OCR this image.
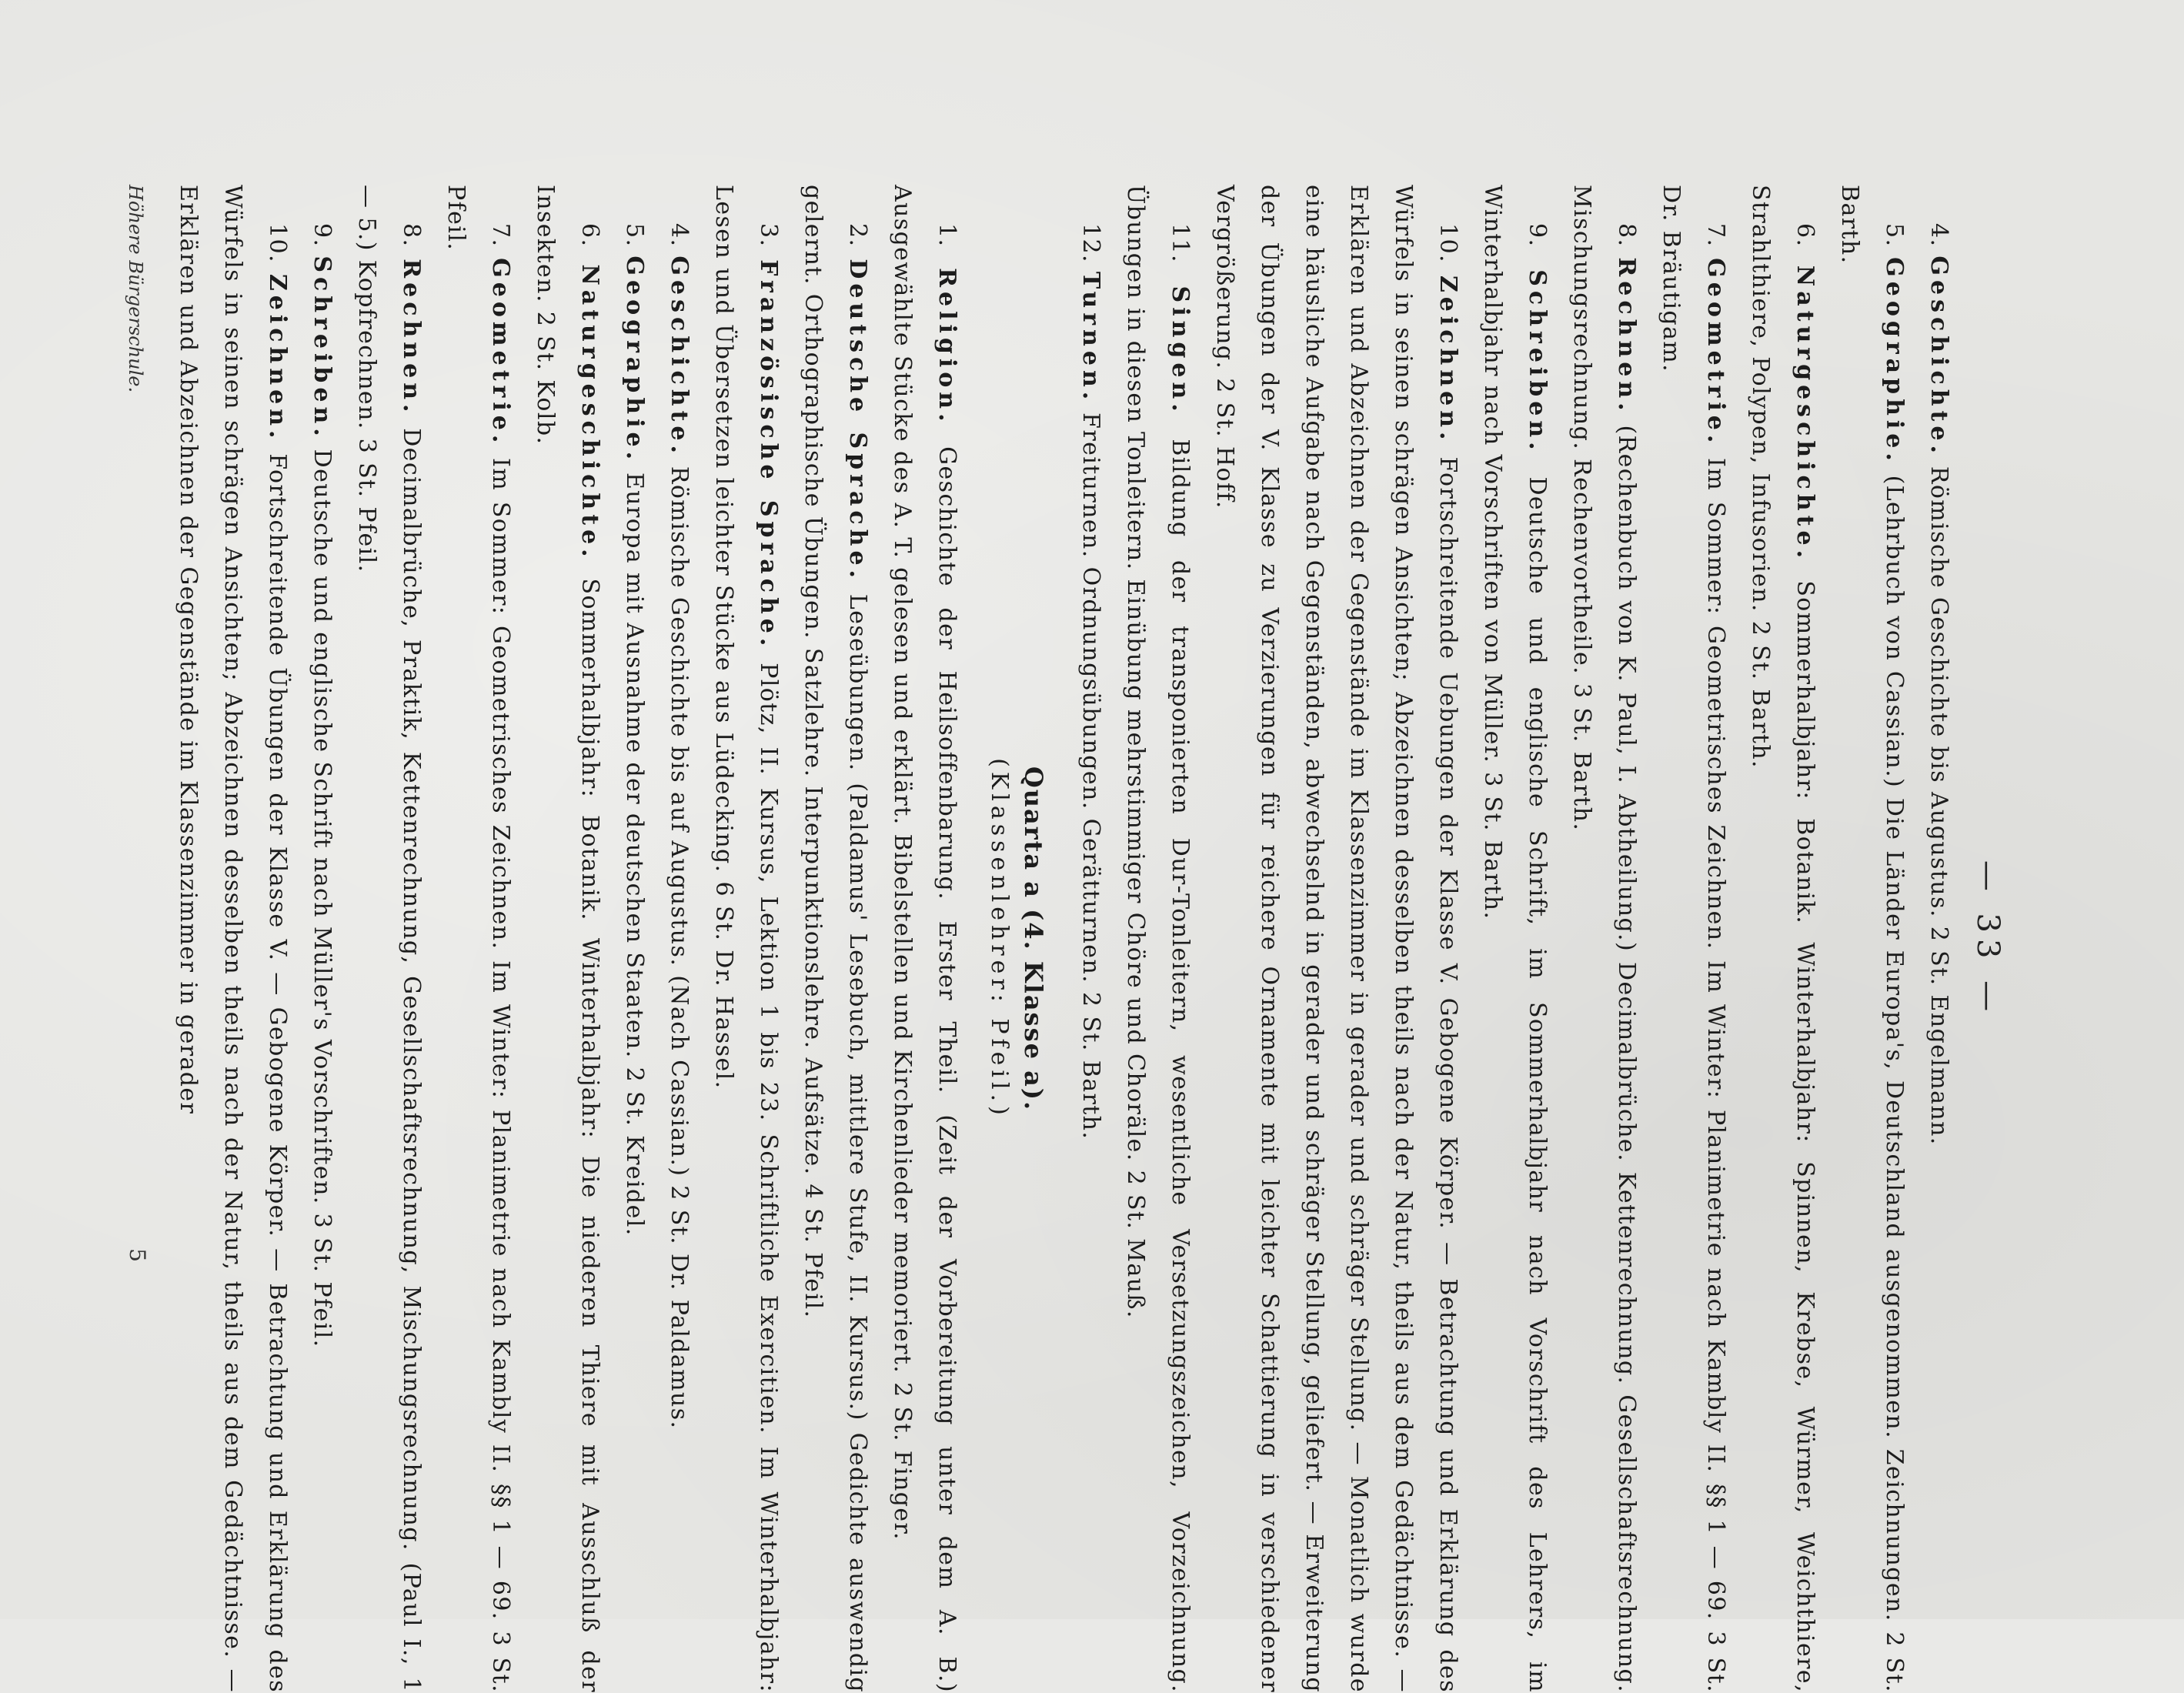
— 33 —

4. Geschichte. Römische Geschichte bis Augustus. 2 St. Engelmann.

5. Geographie. (Lehrbuch von Cassian.) Die Länder Europa's, Deutschland ausgenommen. Zeichnungen. 2 St. Barth.

6. Naturgeschichte. Sommerhalbjahr: Botanik. Winterhalbjahr: Spinnen, Krebse, Würmer, Weichthiere, Strahlthiere, Polypen, Infusorien. 2 St. Barth.

7. Geometrie. Im Sommer: Geometrisches Zeichnen. Im Winter: Planimetrie nach Kambly II. §§ 1 — 69. 3 St. Dr. Bräutigam.

8. Rechnen. (Rechenbuch von K. Paul, I. Abtheilung.) Decimalbrüche. Kettenrechnung. Gesellschaftsrechnung. Mischungsrechnung. Rechenvortheile. 3 St. Barth.

9. Schreiben. Deutsche und englische Schrift, im Sommerhalbjahr nach Vorschrift des Lehrers, im Winterhalbjahr nach Vorschriften von Müller. 3 St. Barth.

10. Zeichnen. Fortschreitende Uebungen der Klasse V. Gebogene Körper. — Betrachtung und Erklärung des Würfels in seinen schrägen Ansichten; Abzeichnen desselben theils nach der Natur, theils aus dem Gedächtnisse. — Erklären und Abzeichnen der Gegenstände im Klassenzimmer in gerader und schräger Stellung. — Monatlich wurde eine häusliche Aufgabe nach Gegenständen, abwechselnd in gerader und schräger Stellung, geliefert. — Erweiterung der Übungen der V. Klasse zu Verzierungen für reichere Ornamente mit leichter Schattierung in verschiedener Vergrößerung. 2 St. Hoff.

11. Singen. Bildung der transponierten Dur-Tonleitern, wesentliche Versetzungszeichen, Vorzeichnung. Übungen in diesen Tonleitern. Einübung mehrstimmiger Chöre und Choräle. 2 St. Mauß.

12. Turnen. Freiturnen. Ordnungsübungen. Gerätturnen. 2 St. Barth.

Quarta a (4. Klasse a).
(Klassenlehrer: Pfeil.)

1. Religion. Geschichte der Heilsoffenbarung. Erster Theil. (Zeit der Vorbereitung unter dem A. B.) Ausgewählte Stücke des A. T. gelesen und erklärt. Bibelstellen und Kirchenlieder memoriert. 2 St. Finger.

2. Deutsche Sprache. Leseübungen. (Paldamus' Lesebuch, mittlere Stufe, II. Kursus.) Gedichte auswendig gelernt. Orthographische Übungen. Satzlehre. Interpunktionslehre. Aufsätze. 4 St. Pfeil.

3. Französische Sprache. Plötz, II. Kursus, Lektion 1 bis 23. Schriftliche Exercitien. Im Winterhalbjahr: Lesen und Übersetzen leichter Stücke aus Lüdecking. 6 St. Dr. Hassel.

4. Geschichte. Römische Geschichte bis auf Augustus. (Nach Cassian.) 2 St. Dr. Paldamus.

5. Geographie. Europa mit Ausnahme der deutschen Staaten. 2 St. Kreidel.

6. Naturgeschichte. Sommerhalbjahr: Botanik. Winterhalbjahr: Die niederen Thiere mit Ausschluß der Insekten. 2 St. Kolb.

7. Geometrie. Im Sommer: Geometrisches Zeichnen. Im Winter: Planimetrie nach Kambly II. §§ 1 — 69. 3 St. Pfeil.

8. Rechnen. Decimalbrüche, Praktik, Kettenrechnung, Gesellschaftsrechnung, Mischungsrechnung. (Paul I., 1 — 5.) Kopfrechnen. 3 St. Pfeil.

9. Schreiben. Deutsche und englische Schrift nach Müller's Vorschriften. 3 St. Pfeil.

10. Zeichnen. Fortschreitende Übungen der Klasse V. — Gebogene Körper. — Betrachtung und Erklärung des Würfels in seinen schrägen Ansichten; Abzeichnen desselben theils nach der Natur, theils aus dem Gedächtnisse. — Erklären und Abzeichnen der Gegenstände im Klassenzimmer in gerader

Höhere Bürgerschule.
5
